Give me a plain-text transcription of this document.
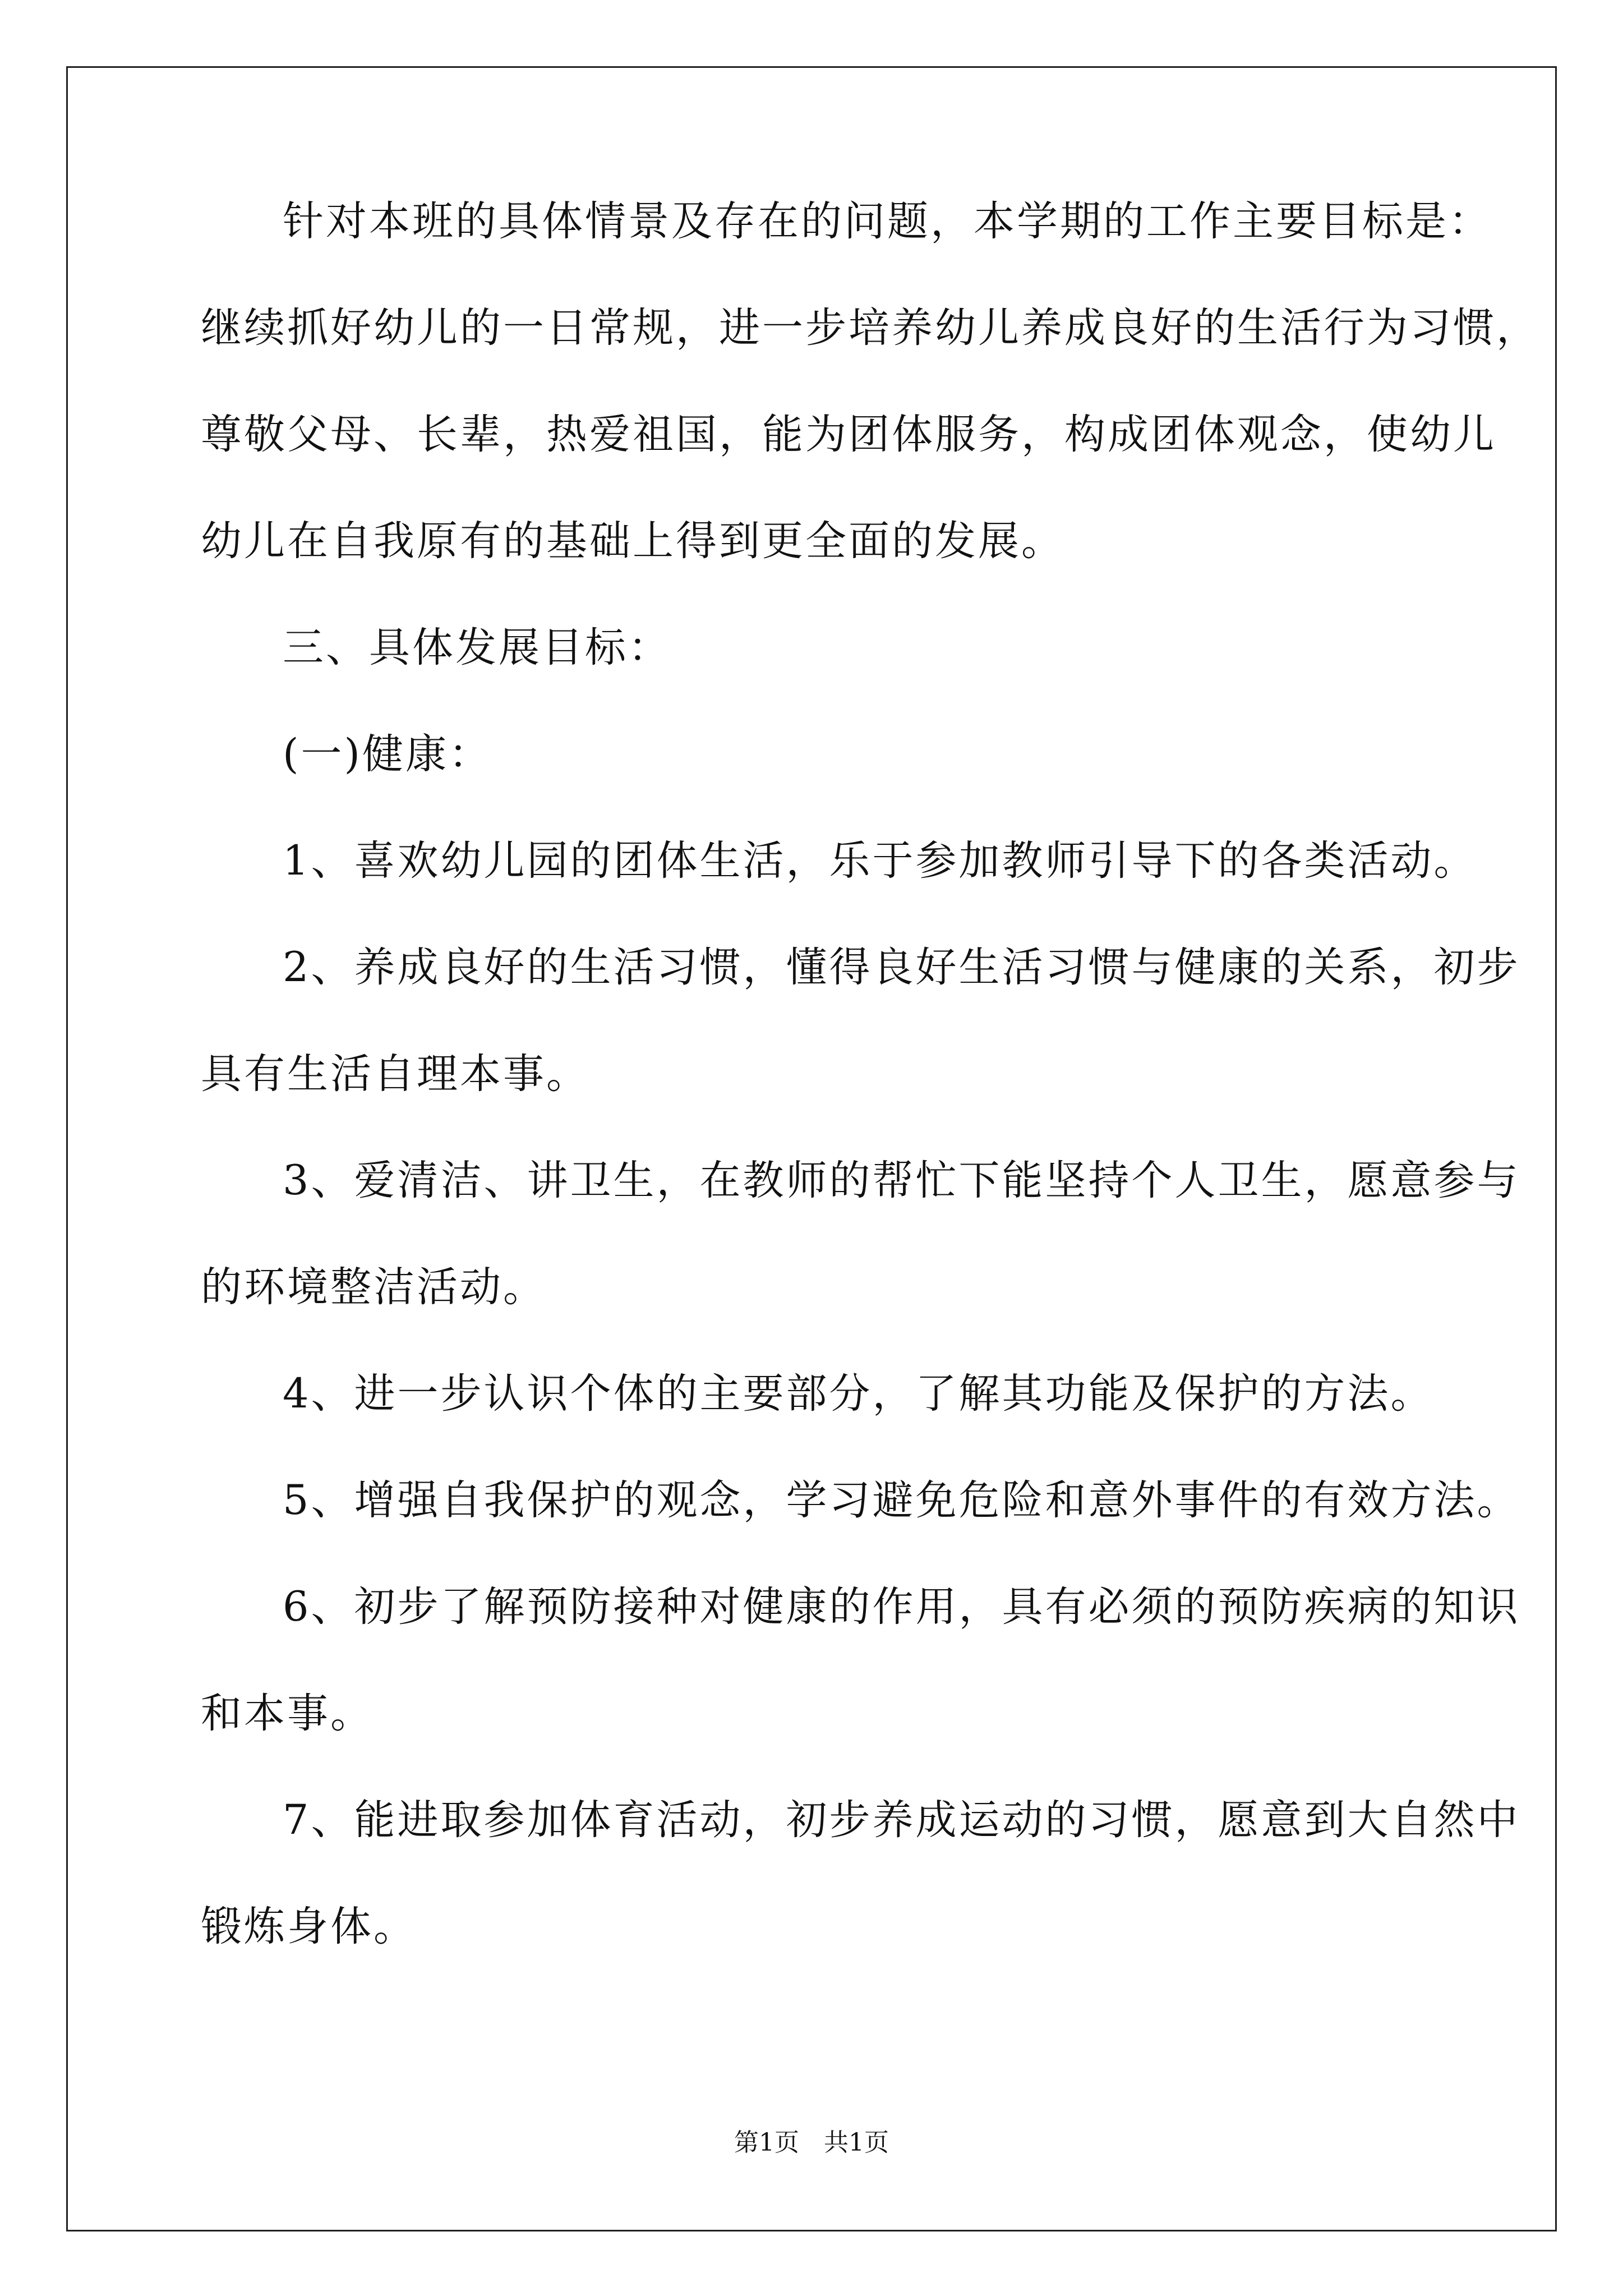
针对本班的具体情景及存在的问题，本学期的工作主要目标是：
继续抓好幼儿的一日常规，进一步培养幼儿养成良好的生活行为习惯，
尊敬父母、长辈，热爱祖国，能为团体服务，构成团体观念，使幼儿
幼儿在自我原有的基础上得到更全面的发展。
三、具体发展目标：
(一)健康：
1、喜欢幼儿园的团体生活，乐于参加教师引导下的各类活动。
2、养成良好的生活习惯，懂得良好生活习惯与健康的关系，初步
具有生活自理本事。
3、爱清洁、讲卫生，在教师的帮忙下能坚持个人卫生，愿意参与
的环境整洁活动。
4、进一步认识个体的主要部分，了解其功能及保护的方法。
5、增强自我保护的观念，学习避免危险和意外事件的有效方法。
6、初步了解预防接种对健康的作用，具有必须的预防疾病的知识
和本事。
7、能进取参加体育活动，初步养成运动的习惯，愿意到大自然中
锻炼身体。
第1页　共1页
